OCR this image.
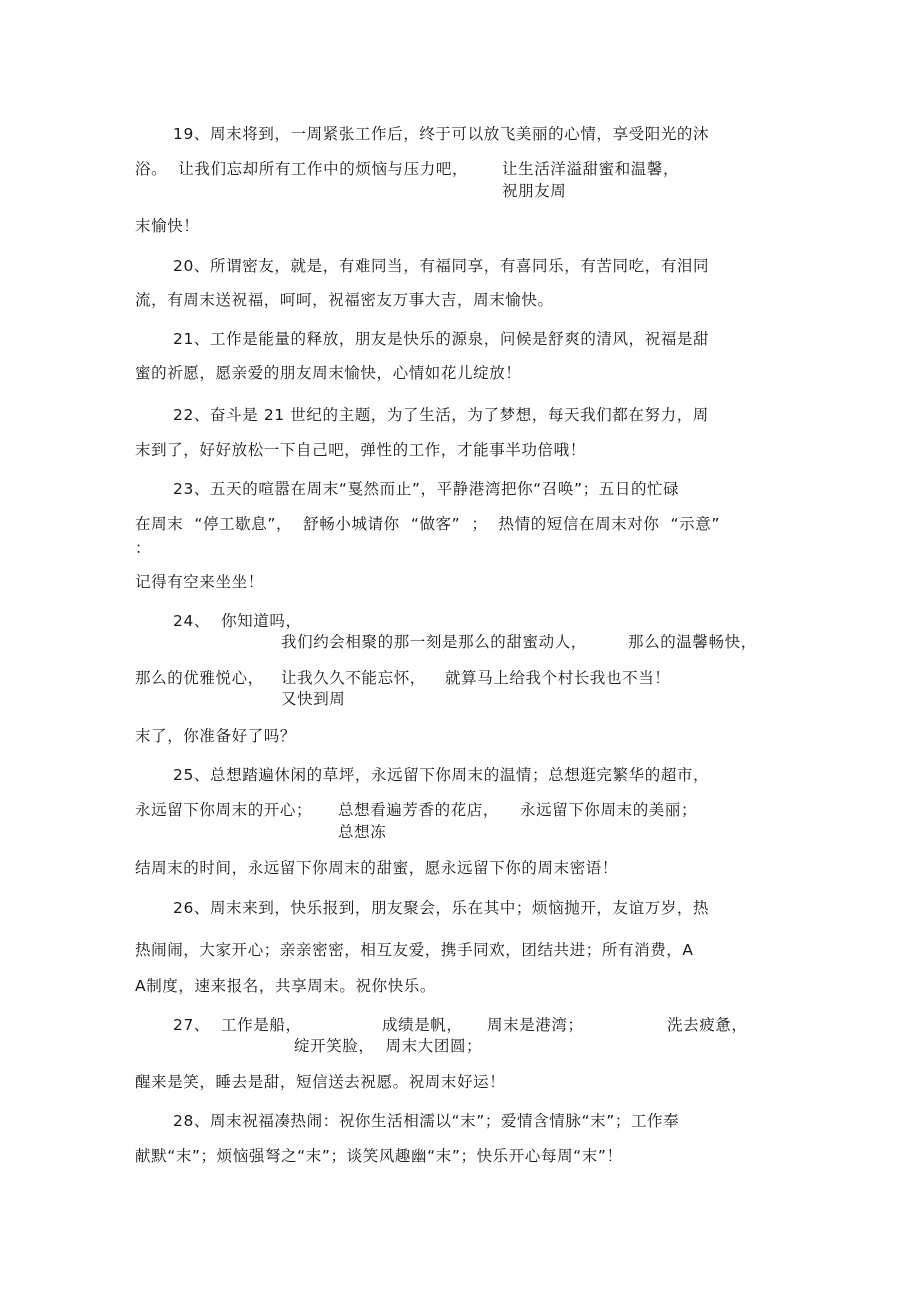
19、周末将到，一周紧张工作后，终于可以放飞美丽的心情，享受阳光的沐
浴。  让我们忘却所有工作中的烦恼与压力吧， 让生活洋溢甜蜜和温馨，
祝朋友周
末愉快！
20、所谓密友，就是，有难同当，有福同享，有喜同乐，有苦同吃，有泪同
流，有周末送祝福，呵呵，祝福密友万事大吉，周末愉快。
21、工作是能量的释放，朋友是快乐的源泉，问候是舒爽的清风，祝福是甜
蜜的祈愿，愿亲爱的朋友周末愉快，心情如花儿绽放！
22、奋斗是 21 世纪的主题，为了生活，为了梦想，每天我们都在努力，周
末到了，好好放松一下自己吧，弹性的工作，才能事半功倍哦！
23、五天的喧嚣在周末“戛然而止”，平静港湾把你“召唤”；五日的忙碌
在周末  “停工歇息”，  舒畅小城请你  “做客”  ；  热情的短信在周末对你  “示意”
：
记得有空来坐坐！
24、  你知道吗，
我们约会相聚的那一刻是那么的甜蜜动人，	那么的温馨畅快，
那么的优雅悦心， 让我久久不能忘怀， 就算马上给我个村长我也不当！
又快到周
末了，你准备好了吗？
25、总想踏遍休闲的草坪，永远留下你周末的温情；总想逛完繁华的超市，
永远留下你周末的开心； 总想看遍芳香的花店， 永远留下你周末的美丽；
总想冻
结周末的时间，永远留下你周末的甜蜜，愿永远留下你的周末密语！
26、周末来到，快乐报到，朋友聚会，乐在其中；烦恼抛开，友谊万岁，热
热闹闹，大家开心；亲亲密密，相互友爱，携手同欢，团结共进；所有消费，A
A制度，速来报名，共享周末。祝你快乐。
27、  工作是船，	成绩是帆， 周末是港湾；	洗去疲惫，
绽开笑脸，  周末大团圆；
醒来是笑，睡去是甜，短信送去祝愿。祝周末好运！
28、周末祝福凑热闹：祝你生活相濡以“末”；爱情含情脉“末”；工作奉
献默“末”；烦恼强弩之“末”；谈笑风趣幽“末”；快乐开心每周“末”！
